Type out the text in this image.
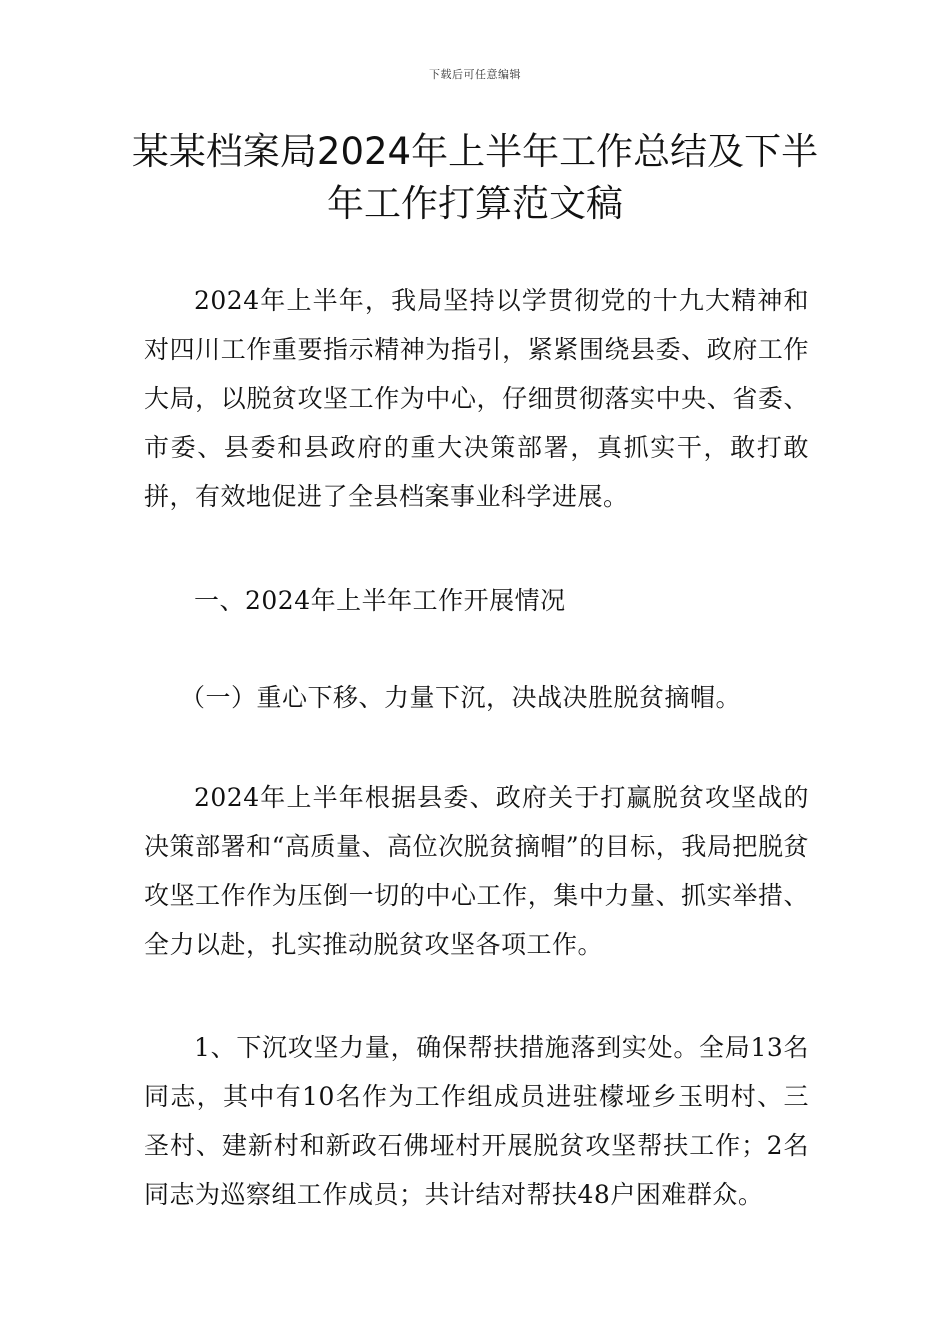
下载后可任意编辑
某某档案局2024年上半年工作总结及下半
年工作打算范文稿

2024年上半年，我局坚持以学贯彻党的十九大精神和对四川工作重要指示精神为指引，紧紧围绕县委、政府工作大局，以脱贫攻坚工作为中心，仔细贯彻落实中央、省委、市委、县委和县政府的重大决策部署，真抓实干，敢打敢拼，有效地促进了全县档案事业科学进展。

一、2024年上半年工作开展情况

（一）重心下移、力量下沉，决战决胜脱贫摘帽。

2024年上半年根据县委、政府关于打赢脱贫攻坚战的决策部署和“高质量、高位次脱贫摘帽”的目标，我局把脱贫攻坚工作作为压倒一切的中心工作，集中力量、抓实举措、全力以赴，扎实推动脱贫攻坚各项工作。

1、下沉攻坚力量，确保帮扶措施落到实处。全局13名同志，其中有10名作为工作组成员进驻檬垭乡玉明村、三圣村、建新村和新政石佛垭村开展脱贫攻坚帮扶工作；2名同志为巡察组工作成员；共计结对帮扶48户困难群众。
